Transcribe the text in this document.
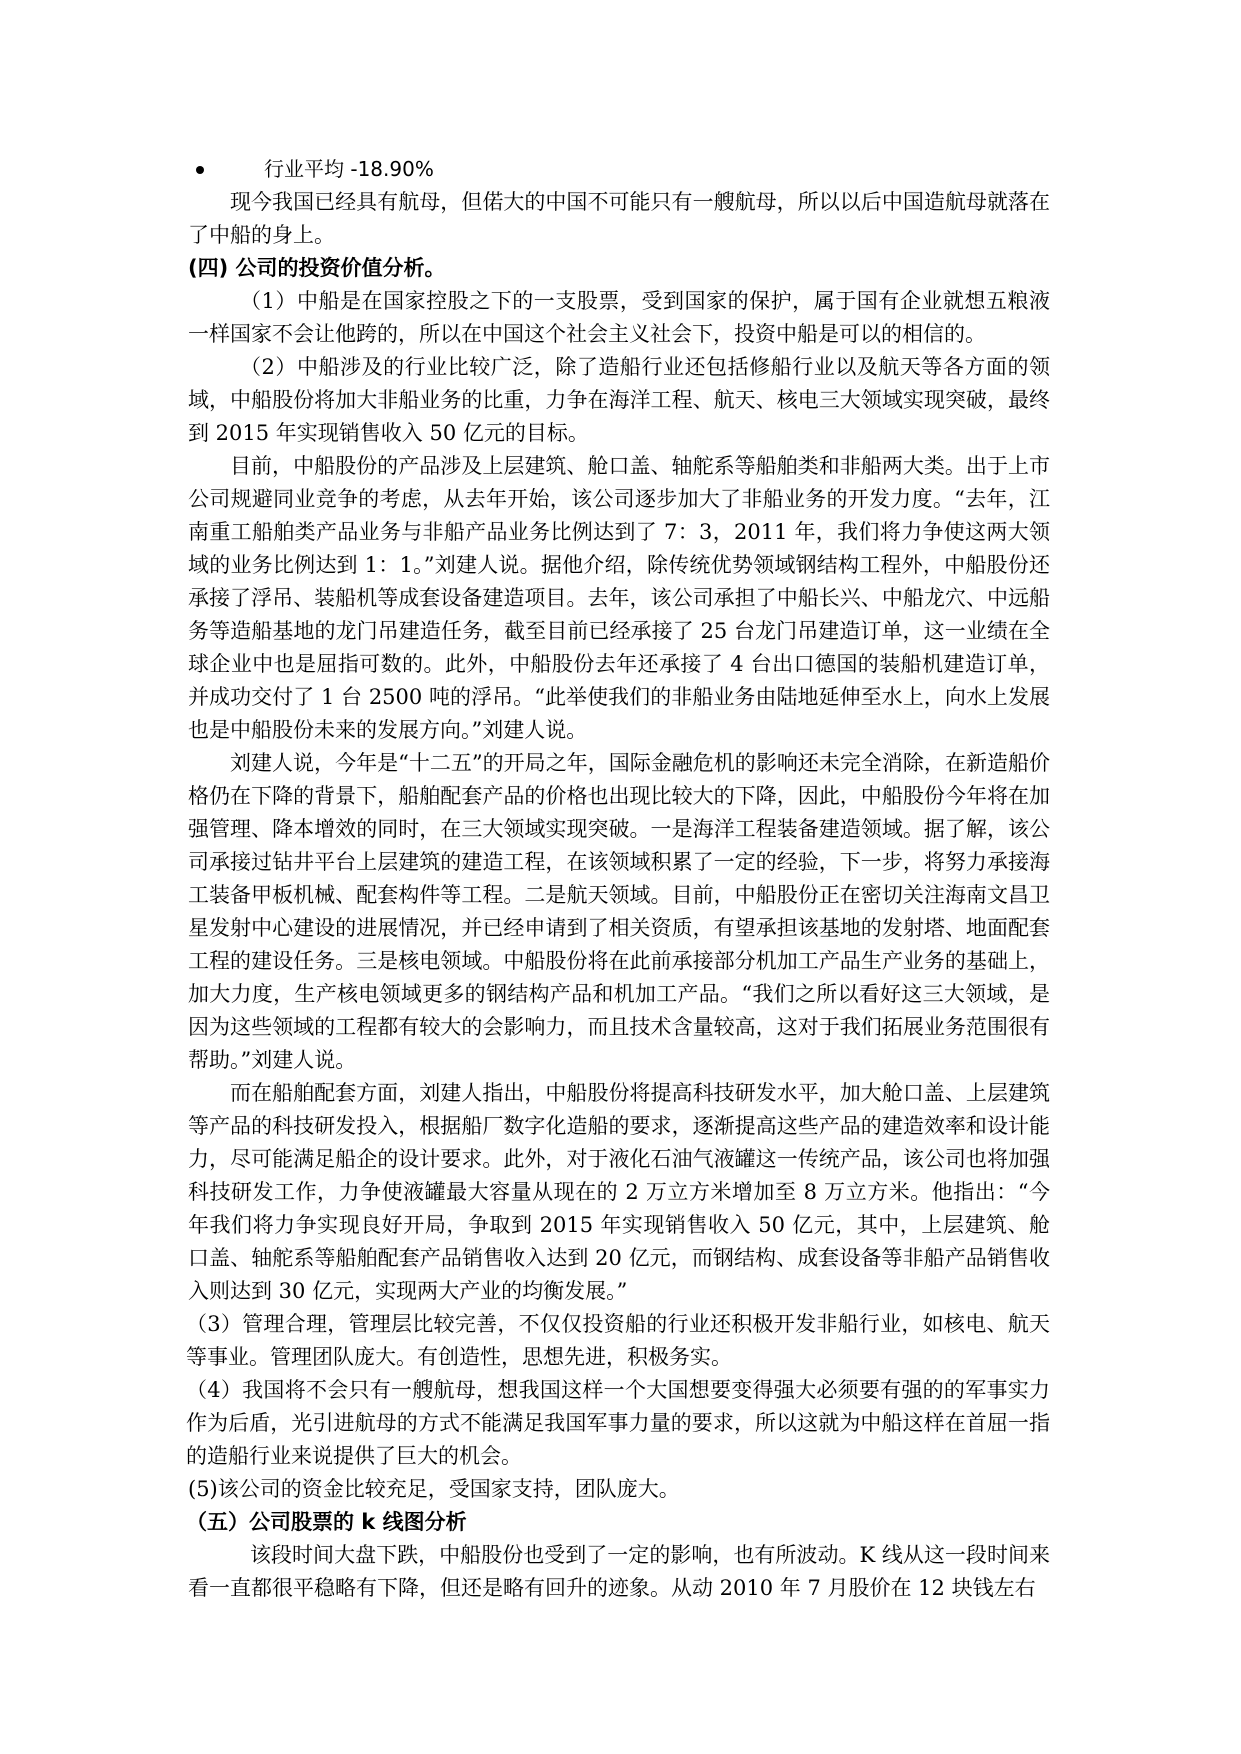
行业平均 -18.90%

现今我国已经具有航母，但偌大的中国不可能只有一艘航母，所以以后中国造航母就落在了中船的身上。

(四) 公司的投资价值分析。

（1）中船是在国家控股之下的一支股票，受到国家的保护，属于国有企业就想五粮液一样国家不会让他跨的，所以在中国这个社会主义社会下，投资中船是可以的相信的。

（2）中船涉及的行业比较广泛，除了造船行业还包括修船行业以及航天等各方面的领域，中船股份将加大非船业务的比重，力争在海洋工程、航天、核电三大领域实现突破，最终到 2015 年实现销售收入 50 亿元的目标。

目前，中船股份的产品涉及上层建筑、舱口盖、轴舵系等船舶类和非船两大类。出于上市公司规避同业竞争的考虑，从去年开始，该公司逐步加大了非船业务的开发力度。“去年，江南重工船舶类产品业务与非船产品业务比例达到了 7：3，2011 年，我们将力争使这两大领域的业务比例达到 1：1。”刘建人说。据他介绍，除传统优势领域钢结构工程外，中船股份还承接了浮吊、装船机等成套设备建造项目。去年，该公司承担了中船长兴、中船龙穴、中远船务等造船基地的龙门吊建造任务，截至目前已经承接了 25 台龙门吊建造订单，这一业绩在全球企业中也是屈指可数的。此外，中船股份去年还承接了 4 台出口德国的装船机建造订单，并成功交付了 1 台 2500 吨的浮吊。“此举使我们的非船业务由陆地延伸至水上，向水上发展也是中船股份未来的发展方向。”刘建人说。

刘建人说，今年是“十二五”的开局之年，国际金融危机的影响还未完全消除，在新造船价格仍在下降的背景下，船舶配套产品的价格也出现比较大的下降，因此，中船股份今年将在加强管理、降本增效的同时，在三大领域实现突破。一是海洋工程装备建造领域。据了解，该公司承接过钻井平台上层建筑的建造工程，在该领域积累了一定的经验，下一步，将努力承接海工装备甲板机械、配套构件等工程。二是航天领域。目前，中船股份正在密切关注海南文昌卫星发射中心建设的进展情况，并已经申请到了相关资质，有望承担该基地的发射塔、地面配套工程的建设任务。三是核电领域。中船股份将在此前承接部分机加工产品生产业务的基础上，加大力度，生产核电领域更多的钢结构产品和机加工产品。“我们之所以看好这三大领域，是因为这些领域的工程都有较大的会影响力，而且技术含量较高，这对于我们拓展业务范围很有帮助。”刘建人说。

而在船舶配套方面，刘建人指出，中船股份将提高科技研发水平，加大舱口盖、上层建筑等产品的科技研发投入，根据船厂数字化造船的要求，逐渐提高这些产品的建造效率和设计能力，尽可能满足船企的设计要求。此外，对于液化石油气液罐这一传统产品，该公司也将加强科技研发工作，力争使液罐最大容量从现在的 2 万立方米增加至 8 万立方米。他指出：“今年我们将力争实现良好开局，争取到 2015 年实现销售收入 50 亿元，其中，上层建筑、舱口盖、轴舵系等船舶配套产品销售收入达到 20 亿元，而钢结构、成套设备等非船产品销售收入则达到 30 亿元，实现两大产业的均衡发展。”

（3）管理合理，管理层比较完善，不仅仅投资船的行业还积极开发非船行业，如核电、航天等事业。管理团队庞大。有创造性，思想先进，积极务实。

（4）我国将不会只有一艘航母，想我国这样一个大国想要变得强大必须要有强的的军事实力作为后盾，光引进航母的方式不能满足我国军事力量的要求，所以这就为中船这样在首屈一指的造船行业来说提供了巨大的机会。

(5)该公司的资金比较充足，受国家支持，团队庞大。

（五）公司股票的 k 线图分析

该段时间大盘下跌，中船股份也受到了一定的影响，也有所波动。K 线从这一段时间来看一直都很平稳略有下降，但还是略有回升的迹象。从动 2010 年 7 月股价在 12 块钱左右
